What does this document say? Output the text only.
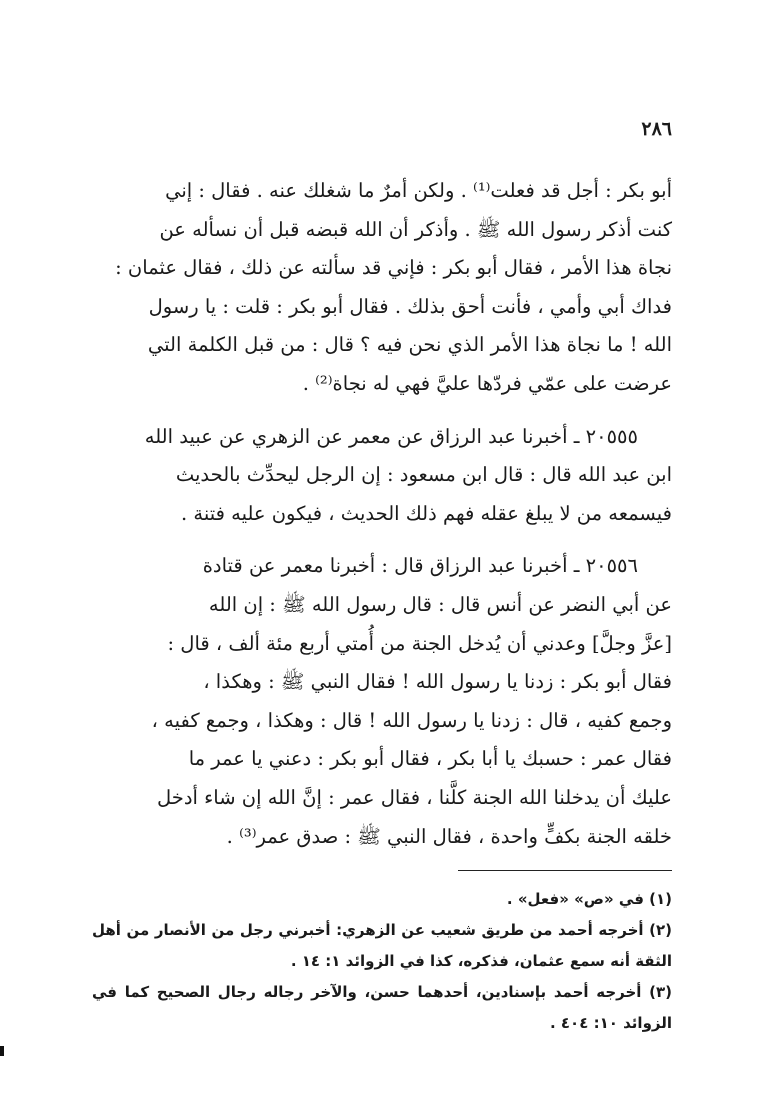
٢٨٦

أبو بكر : أجل قد فعلت⁽¹⁾ . ولكن أمرٌ ما شغلك عنه . فقال : إني

كنت أذكر رسول الله ﷺ . وأذكر أن الله قبضه قبل أن نسأله عن

نجاة هذا الأمر ، فقال أبو بكر : فإني قد سألته عن ذلك ، فقال عثمان :

فداك أبي وأمي ، فأنت أحق بذلك . فقال أبو بكر : قلت : يا رسول

الله ! ما نجاة هذا الأمر الذي نحن فيه ؟ قال : من قبل الكلمة التي

عرضت على عمّي فردّها عليَّ فهي له نجاة⁽²⁾ .

٢٠٥٥٥ ـ أخبرنا عبد الرزاق عن معمر عن الزهري عن عبيد الله

ابن عبد الله قال : قال ابن مسعود : إن الرجل ليحدِّث بالحديث

فيسمعه من لا يبلغ عقله فهم ذلك الحديث ، فيكون عليه فتنة .

٢٠٥٥٦ ـ أخبرنا عبد الرزاق قال : أخبرنا معمر عن قتادة

عن أبي النضر عن أنس قال : قال رسول الله ﷺ : إن الله

[عزَّ وجلَّ] وعدني أن يُدخل الجنة من أُمتي أربع مئة ألف ، قال :

فقال أبو بكر : زدنا يا رسول الله ! فقال النبي ﷺ : وهكذا ،

وجمع كفيه ، قال : زدنا يا رسول الله ! قال : وهكذا ، وجمع كفيه ،

فقال عمر : حسبك يا أبا بكر ، فقال أبو بكر : دعني يا عمر ما

عليك أن يدخلنا الله الجنة كلَّنا ، فقال عمر : إنَّ الله إن شاء أدخل

خلقه الجنة بكفٍّ واحدة ، فقال النبي ﷺ : صدق عمر⁽³⁾ .

(١) في «ص» «فعل» .

(٢) أخرجه أحمد من طريق شعيب عن الزهري: أخبرني رجل من الأنصار من أهل الثقة أنه سمع عثمان، فذكره، كذا في الزوائد ١: ١٤ .

(٣) أخرجه أحمد بإسنادين، أحدهما حسن، والآخر رجاله رجال الصحيح كما في الزوائد ١٠: ٤٠٤ .
